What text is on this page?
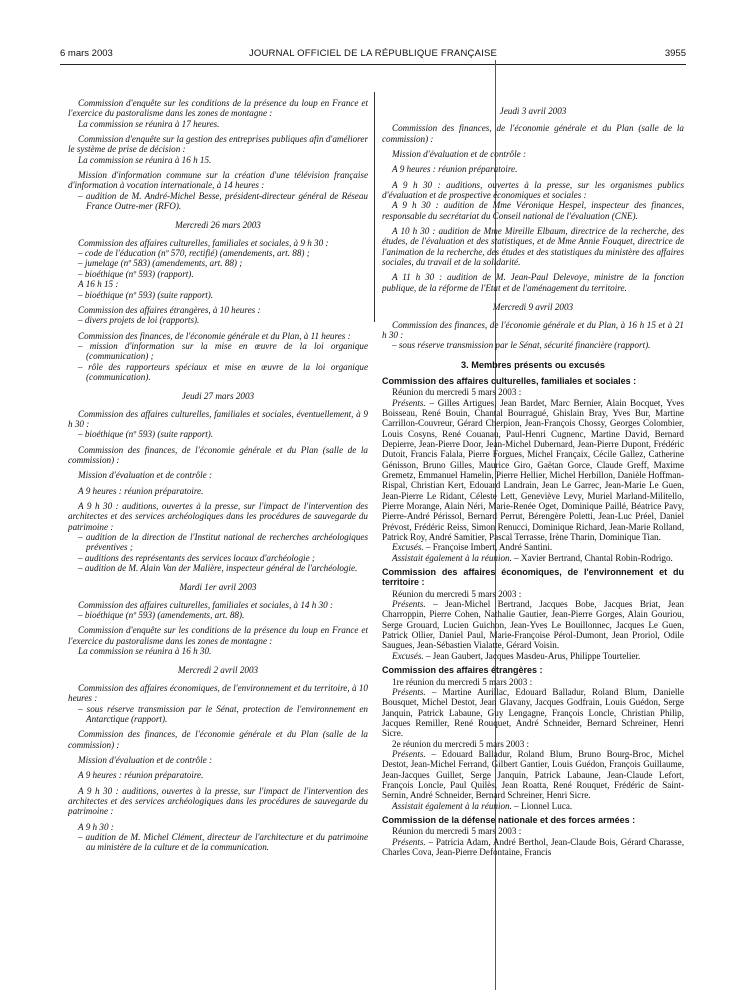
6 mars 2003	JOURNAL OFFICIEL DE LA RÉPUBLIQUE FRANÇAISE	3955

Commission d'enquête sur les conditions de la présence du loup en France et l'exercice du pastoralisme dans les zones de montagne :

La commission se réunira à 17 heures.

Commission d'enquête sur la gestion des entreprises publiques afin d'améliorer le système de prise de décision :

La commission se réunira à 16 h 15.

Mission d'information commune sur la création d'une télévision française d'information à vocation internationale, à 14 heures :

– audition de M. André-Michel Besse, président-directeur général de Réseau France Outre-mer (RFO).

Mercredi 26 mars 2003

Commission des affaires culturelles, familiales et sociales, à 9 h 30 :

– code de l'éducation (nº 570, rectifié) (amendements, art. 88) ;

– jumelage (nº 583) (amendements, art. 88) ;

– bioéthique (nº 593) (rapport).

A 16 h 15 :

– bioéthique (nº 593) (suite rapport).

Commission des affaires étrangères, à 10 heures :

– divers projets de loi (rapports).

Commission des finances, de l'économie générale et du Plan, à 11 heures :

– mission d'information sur la mise en œuvre de la loi organique (communication) ;

– rôle des rapporteurs spéciaux et mise en œuvre de la loi organique (communication).

Jeudi 27 mars 2003

Commission des affaires culturelles, familiales et sociales, éventuellement, à 9 h 30 :

– bioéthique (nº 593) (suite rapport).

Commission des finances, de l'économie générale et du Plan (salle de la commission) :

Mission d'évaluation et de contrôle :

A 9 heures : réunion préparatoire.

A 9 h 30 : auditions, ouvertes à la presse, sur l'impact de l'intervention des architectes et des services archéologiques dans les procédures de sauvegarde du patrimoine :

– audition de la direction de l'Institut national de recherches archéologiques préventives ;

– auditions des représentants des services locaux d'archéologie ;

– audition de M. Alain Van der Malière, inspecteur général de l'archéologie.

Mardi 1er avril 2003

Commission des affaires culturelles, familiales et sociales, à 14 h 30 :

– bioéthique (nº 593) (amendements, art. 88).

Commission d'enquête sur les conditions de la présence du loup en France et l'exercice du pastoralisme dans les zones de montagne :

La commission se réunira à 16 h 30.

Mercredi 2 avril 2003

Commission des affaires économiques, de l'environnement et du territoire, à 10 heures :

– sous réserve transmission par le Sénat, protection de l'environnement en Antarctique (rapport).

Commission des finances, de l'économie générale et du Plan (salle de la commission) :

Mission d'évaluation et de contrôle :

A 9 heures : réunion préparatoire.

A 9 h 30 : auditions, ouvertes à la presse, sur l'impact de l'intervention des architectes et des services archéologiques dans les procédures de sauvegarde du patrimoine :

A 9 h 30 :

– audition de M. Michel Clément, directeur de l'architecture et du patrimoine au ministère de la culture et de la communication.

Jeudi 3 avril 2003

Commission des finances, de l'économie générale et du Plan (salle de la commission) :

Mission d'évaluation et de contrôle :

A 9 heures : réunion préparatoire.

A 9 h 30 : auditions, ouvertes à la presse, sur les organismes publics d'évaluation et de prospective économiques et sociales :

A 9 h 30 : audition de Mme Véronique Hespel, inspecteur des finances, responsable du secrétariat du Conseil national de l'évaluation (CNE).

A 10 h 30 : audition de Mme Mireille Elbaum, directrice de la recherche, des études, de l'évaluation et des statistiques, et de Mme Annie Fouquet, directrice de l'animation de la recherche, des études et des statistiques du ministère des affaires sociales, du travail et de la solidarité.

A 11 h 30 : audition de M. Jean-Paul Delevoye, ministre de la fonction publique, de la réforme de l'Etat et de l'aménagement du territoire.

Mercredi 9 avril 2003

Commission des finances, de l'économie générale et du Plan, à 16 h 15 et à 21 h 30 :

– sous réserve transmission par le Sénat, sécurité financière (rapport).

3. Membres présents ou excusés

Commission des affaires culturelles, familiales et sociales :

Réunion du mercredi 5 mars 2003 :

Présents. – Gilles Artigues, Jean Bardet, Marc Bernier, Alain Bocquet, Yves Boisseau, René Bouin, Chantal Bourragué, Ghislain Bray, Yves Bur, Martine Carrillon-Couvreur, Gérard Cherpion, Jean-François Chossy, Georges Colombier, Louis Cosyns, René Couanau, Paul-Henri Cugnenc, Martine David, Bernard Depierre, Jean-Pierre Door, Jean-Michel Dubernard, Jean-Pierre Dupont, Frédéric Dutoit, Francis Falala, Pierre Forgues, Michel Françaix, Cécile Gallez, Catherine Génisson, Bruno Gilles, Maurice Giro, Gaëtan Gorce, Claude Greff, Maxime Gremetz, Emmanuel Hamelin, Pierre Hellier, Michel Herbillon, Danièle Hoffman-Rispal, Christian Kert, Edouard Landrain, Jean Le Garrec, Jean-Marie Le Guen, Jean-Pierre Le Ridant, Céleste Lett, Geneviève Levy, Muriel Marland-Militello, Pierre Morange, Alain Néri, Marie-Renée Oget, Dominique Paillé, Béatrice Pavy, Pierre-André Périssol, Bernard Perrut, Bérengère Poletti, Jean-Luc Préel, Daniel Prévost, Frédéric Reiss, Simon Renucci, Dominique Richard, Jean-Marie Rolland, Patrick Roy, André Samitier, Pascal Terrasse, Irène Tharin, Dominique Tian.

Excusés. – Françoise Imbert, André Santini.

Assistait également à la réunion. – Xavier Bertrand, Chantal Robin-Rodrigo.

Commission des affaires économiques, de l'environnement et du territoire :

Réunion du mercredi 5 mars 2003 :

Présents. – Jean-Michel Bertrand, Jacques Bobe, Jacques Briat, Jean Charroppin, Pierre Cohen, Nathalie Gautier, Jean-Pierre Gorges, Alain Gouriou, Serge Grouard, Lucien Guichon, Jean-Yves Le Bouillonnec, Jacques Le Guen, Patrick Ollier, Daniel Paul, Marie-Françoise Pérol-Dumont, Jean Proriol, Odile Saugues, Jean-Sébastien Vialatte, Gérard Voisin.

Excusés. – Jean Gaubert, Jacques Masdeu-Arus, Philippe Tourtelier.

Commission des affaires étrangères :

1re réunion du mercredi 5 mars 2003 :

Présents. – Martine Aurillac, Edouard Balladur, Roland Blum, Danielle Bousquet, Michel Destot, Jean Glavany, Jacques Godfrain, Louis Guédon, Serge Janquin, Patrick Labaune, Guy Lengagne, François Loncle, Christian Philip, Jacques Remiller, René Rouquet, André Schneider, Bernard Schreiner, Henri Sicre.

2e réunion du mercredi 5 mars 2003 :

Présents. – Edouard Balladur, Roland Blum, Bruno Bourg-Broc, Michel Destot, Jean-Michel Ferrand, Gilbert Gantier, Louis Guédon, François Guillaume, Jean-Jacques Guillet, Serge Janquin, Patrick Labaune, Jean-Claude Lefort, François Loncle, Paul Quilès, Jean Roatta, René Rouquet, Frédéric de Saint-Sernin, André Schneider, Bernard Schreiner, Henri Sicre.

Assistait également à la réunion. – Lionnel Luca.

Commission de la défense nationale et des forces armées :

Réunion du mercredi 5 mars 2003 :

Présents. – Patricia Adam, André Berthol, Jean-Claude Bois, Gérard Charasse, Charles Cova, Jean-Pierre Defontaine, Francis
